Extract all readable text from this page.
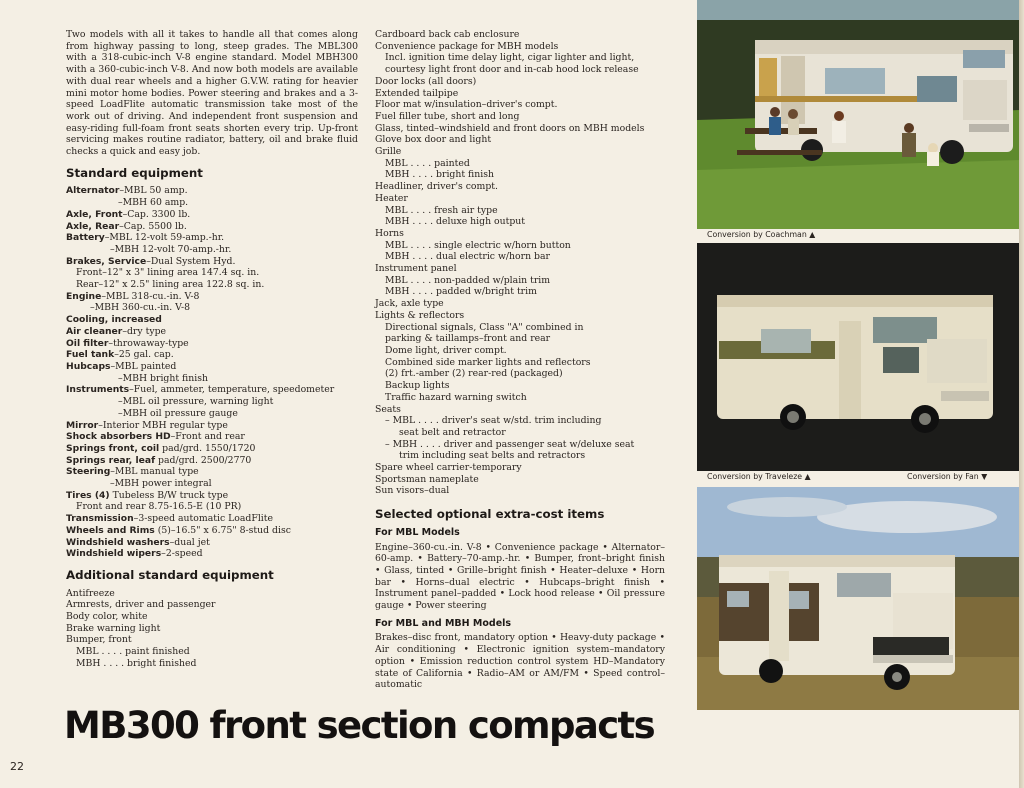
Two models with all it takes to handle all that comes along from highway passing to long, steep grades. The MBL300 with a 318-cubic-inch V-8 engine standard. Model MBH300 with a 360-cubic-inch V-8. And now both models are available with dual rear wheels and a higher G.V.W. rating for heavier mini motor home bodies. Power steering and brakes and a 3-speed LoadFlite automatic transmission take most of the work out of driving. And independent front suspension and easy-riding full-foam front seats shorten every trip. Up-front servicing makes routine radiator, battery, oil and brake fluid checks a quick and easy job.

Standard equipment

Alternator–MBL 50 amp.

–MBH 60 amp.

Axle, Front–Cap. 3300 lb.

Axle, Rear–Cap. 5500 lb.

Battery–MBL 12-volt 59-amp.-hr.

–MBH 12-volt 70-amp.-hr.

Brakes, Service–Dual System Hyd.

Front–12" x 3" lining area 147.4 sq. in.

Rear–12" x 2.5" lining area 122.8 sq. in.

Engine–MBL 318-cu.-in. V-8

–MBH 360-cu.-in. V-8

Cooling, increased

Air cleaner–dry type

Oil filter–throwaway-type

Fuel tank–25 gal. cap.

Hubcaps–MBL painted

–MBH bright finish

Instruments–Fuel, ammeter, temperature, speedometer

–MBL oil pressure, warning light

–MBH oil pressure gauge

Mirror–Interior MBH regular type

Shock absorbers HD–Front and rear

Springs front, coil pad/grd. 1550/1720

Springs rear, leaf pad/grd. 2500/2770

Steering–MBL manual type

–MBH power integral

Tires (4) Tubeless B/W truck type

Front and rear 8.75-16.5-E (10 PR)

Transmission–3-speed automatic LoadFlite

Wheels and Rims (5)–16.5" x 6.75" 8-stud disc

Windshield washers–dual jet

Windshield wipers–2-speed

Additional standard equipment

Antifreeze

Armrests, driver and passenger

Body color, white

Brake warning light

Bumper, front

MBL . . . . paint finished

MBH . . . . bright finished

Cardboard back cab enclosure

Convenience package for MBH models

Incl. ignition time delay light, cigar lighter and light,

courtesy light front door and in-cab hood lock release

Door locks (all doors)

Extended tailpipe

Floor mat w/insulation–driver's compt.

Fuel filler tube, short and long

Glass, tinted–windshield and front doors on MBH models

Glove box door and light

Grille

MBL . . . . painted

MBH . . . . bright finish

Headliner, driver's compt.

Heater

MBL . . . . fresh air type

MBH . . . . deluxe high output

Horns

MBL . . . . single electric w/horn button

MBH . . . . dual electric w/horn bar

Instrument panel

MBL . . . . non-padded w/plain trim

MBH . . . . padded w/bright trim

Jack, axle type

Lights & reflectors

Directional signals, Class "A" combined in

parking & taillamps–front and rear

Dome light, driver compt.

Combined side marker lights and reflectors

(2) frt.-amber (2) rear-red (packaged)

Backup lights

Traffic hazard warning switch

Seats

– MBL . . . . driver's seat w/std. trim including

seat belt and retractor

– MBH . . . . driver and passenger seat w/deluxe seat

trim including seat belts and retractors

Spare wheel carrier-temporary

Sportsman nameplate

Sun visors–dual

Selected optional extra-cost items
For MBL Models

Engine–360-cu.-in. V-8 • Convenience package • Alternator–60-amp. • Battery–70-amp.-hr. • Bumper, front–bright finish • Glass, tinted • Grille–bright finish • Heater–deluxe • Horn bar • Horns–dual electric • Hubcaps–bright finish • Instrument panel–padded • Lock hood release • Oil pressure gauge • Power steering

For MBL and MBH Models

Brakes–disc front, mandatory option • Heavy-duty package • Air conditioning • Electronic ignition system–mandatory option • Emission reduction control system HD–Mandatory state of California • Radio–AM or AM/FM • Speed control–automatic

MB300 front section compacts
22
Conversion by Coachman ▲
Conversion by Traveleze ▲	Conversion by Fan ▼
